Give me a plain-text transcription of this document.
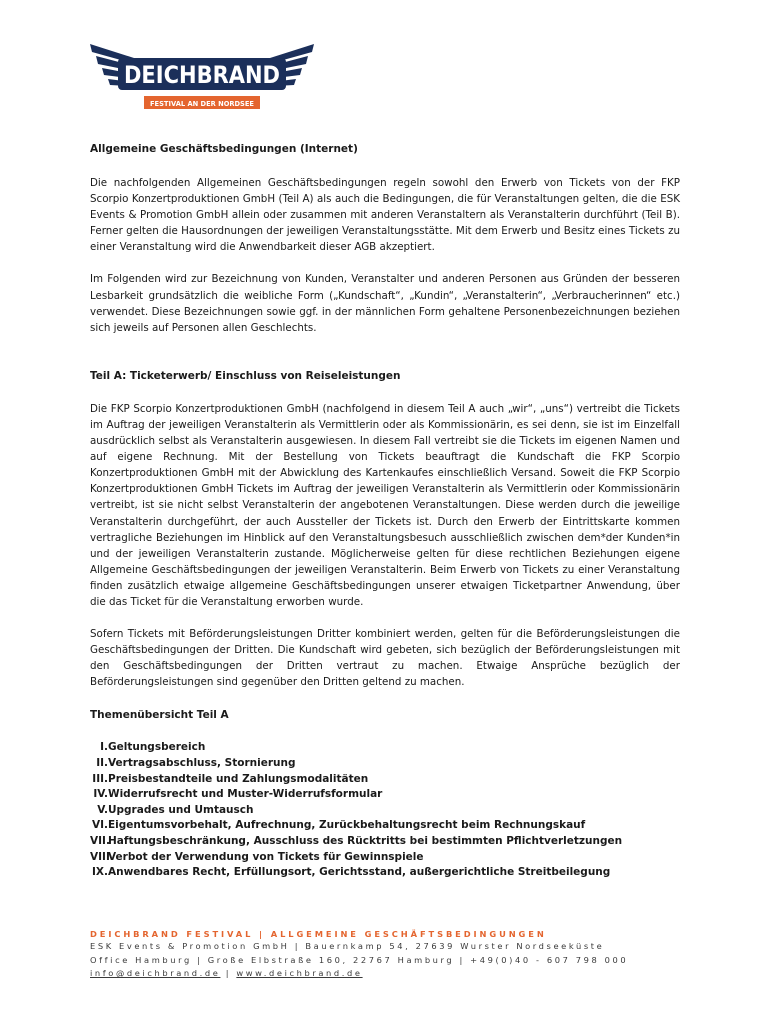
DEICHBRAND
FESTIVAL AN DER NORDSEE
Allgemeine Geschäftsbedingungen (Internet)

Die nachfolgenden Allgemeinen Geschäftsbedingungen regeln sowohl den Erwerb von Tickets von der FKP Scorpio Konzertproduktionen GmbH (Teil A) als auch die Bedingungen, die für Veranstaltungen gelten, die die ESK Events & Promotion GmbH allein oder zusammen mit anderen Veranstaltern als Veranstalterin durchführt (Teil B). Ferner gelten die Hausordnungen der jeweiligen Veranstaltungsstätte. Mit dem Erwerb und Besitz eines Tickets zu einer Veranstaltung wird die Anwendbarkeit dieser AGB akzeptiert.

Im Folgenden wird zur Bezeichnung von Kunden, Veranstalter und anderen Personen aus Gründen der besseren Lesbarkeit grundsätzlich die weibliche Form („Kundschaft“, „Kundin“, „Veranstalterin“, „Verbraucherinnen“ etc.) verwendet. Diese Bezeichnungen sowie ggf. in der männlichen Form gehaltene Personenbezeichnungen beziehen sich jeweils auf Personen allen Geschlechts.

Teil A: Ticketerwerb/ Einschluss von Reiseleistungen

Die FKP Scorpio Konzertproduktionen GmbH (nachfolgend in diesem Teil A auch „wir“, „uns“) vertreibt die Tickets im Auftrag der jeweiligen Veranstalterin als Vermittlerin oder als Kommissionärin, es sei denn, sie ist im Einzelfall ausdrücklich selbst als Veranstalterin ausgewiesen. In diesem Fall vertreibt sie die Tickets im eigenen Namen und auf eigene Rechnung. Mit der Bestellung von Tickets beauftragt die Kundschaft die FKP Scorpio Konzertproduktionen GmbH mit der Abwicklung des Kartenkaufes einschließlich Versand. Soweit die FKP Scorpio Konzertproduktionen GmbH Tickets im Auftrag der jeweiligen Veranstalterin als Vermittlerin oder Kommissionärin vertreibt, ist sie nicht selbst Veranstalterin der angebotenen Veranstaltungen. Diese werden durch die jeweilige Veranstalterin durchgeführt, der auch Aussteller der Tickets ist. Durch den Erwerb der Eintrittskarte kommen vertragliche Beziehungen im Hinblick auf den Veranstaltungsbesuch ausschließlich zwischen dem*der Kunden*in und der jeweiligen Veranstalterin zustande. Möglicherweise gelten für diese rechtlichen Beziehungen eigene Allgemeine Geschäftsbedingungen der jeweiligen Veranstalterin. Beim Erwerb von Tickets zu einer Veranstaltung finden zusätzlich etwaige allgemeine Geschäftsbedingungen unserer etwaigen Ticketpartner Anwendung, über die das Ticket für die Veranstaltung erworben wurde.

Sofern Tickets mit Beförderungsleistungen Dritter kombiniert werden, gelten für die Beförderungsleistungen die Geschäftsbedingungen der Dritten. Die Kundschaft wird gebeten, sich bezüglich der Beförderungsleistungen mit den Geschäftsbedingungen der Dritten vertraut zu machen. Etwaige Ansprüche bezüglich der Beförderungsleistungen sind gegenüber den Dritten geltend zu machen.

Themenübersicht Teil A
I. Geltungsbereich
II. Vertragsabschluss, Stornierung
III. Preisbestandteile und Zahlungsmodalitäten
IV. Widerrufsrecht und Muster-Widerrufsformular
V. Upgrades und Umtausch
VI. Eigentumsvorbehalt, Aufrechnung, Zurückbehaltungsrecht beim Rechnungskauf
VII.
Haftungsbeschränkung, Ausschluss des Rücktritts bei bestimmten Pflichtverletzungen
VIII.
Verbot der Verwendung von Tickets für Gewinnspiele
IX. Anwendbares Recht, Erfüllungsort, Gerichtsstand, außergerichtliche Streitbeilegung
DEICHBRAND FESTIVAL | ALLGEMEINE GESCHÄFTSBEDINGUNGEN
ESK Events & Promotion GmbH | Bauernkamp 54, 27639 Wurster Nordseeküste
Office Hamburg | Große Elbstraße 160, 22767 Hamburg | +49(0)40 - 607 798 000
info@deichbrand.de | www.deichbrand.de
